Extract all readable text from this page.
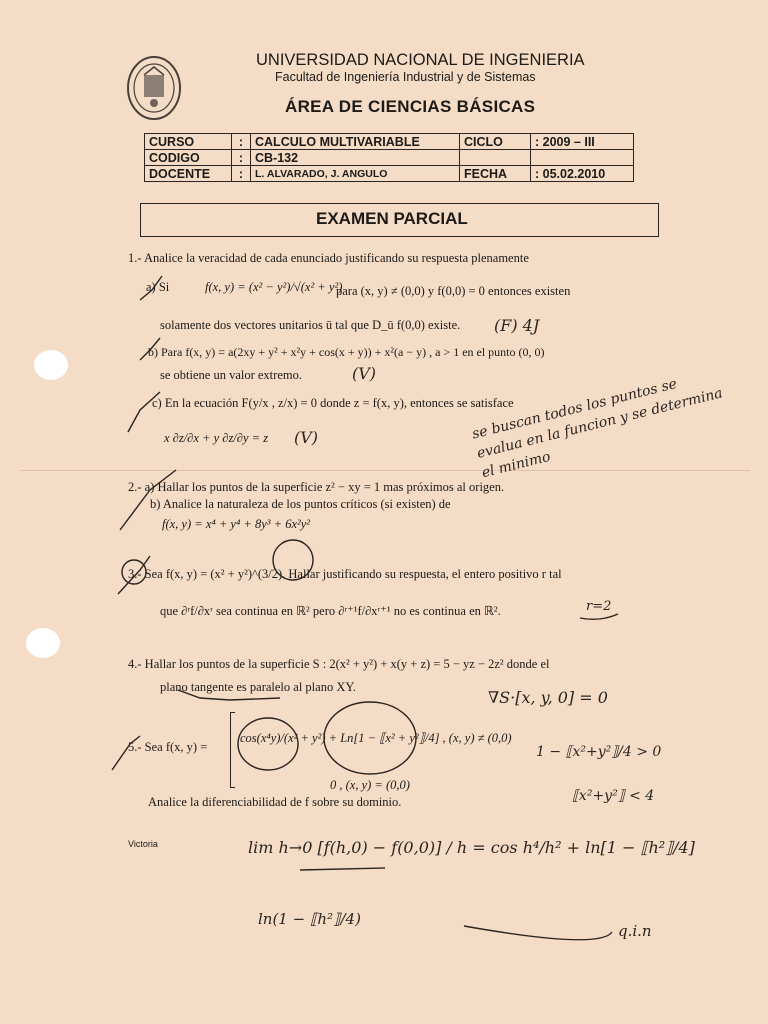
UNIVERSIDAD NACIONAL DE INGENIERIA
Facultad de Ingeniería Industrial y de Sistemas
ÁREA DE CIENCIAS BÁSICAS
CURSO	:	CALCULO MULTIVARIABLE	CICLO	: 2009 – III
CODIGO	:	CB-132		
DOCENTE	:	L. ALVARADO, J. ANGULO	FECHA	: 05.02.2010
EXAMEN PARCIAL
1.- Analice la veracidad de cada enunciado justificando su respuesta plenamente
a) Si	f(x, y) = (x² − y²)/√(x² + y²)
para (x, y) ≠ (0,0) y f(0,0) = 0 entonces existen
solamente dos vectores unitarios ū tal que D_ū f(0,0) existe. (F) 4J
b) Para f(x, y) = a(2xy + y² + x²y + cos(x + y)) + x²(a − y) , a > 1 en el punto (0, 0)
se obtiene un valor extremo.	(V)
c) En la ecuación F(y/x , z/x) = 0 donde z = f(x, y), entonces se satisface
x ∂z/∂x + y ∂z/∂y = z (V)
2.- a) Hallar los puntos de la superficie z² − xy = 1 mas próximos al origen.
b) Analice la naturaleza de los puntos críticos (si existen) de
f(x, y) = x⁴ + y⁴ + 8y³ + 6x²y²
se buscan todos los puntos se evalua en la funcion y se determina el minimo
3.- Sea f(x, y) = (x² + y²)^(3/2). Hallar justificando su respuesta, el entero positivo r tal
que ∂ʳf/∂xʳ sea continua en ℝ² pero ∂ʳ⁺¹f/∂xʳ⁺¹ no es continua en ℝ².	r=2
4.- Hallar los puntos de la superficie S : 2(x² + y²) + x(y + z) = 5 − yz − 2z² donde el
plano tangente es paralelo al plano XY.
∇S·[x, y, 0] = 0
5.- Sea f(x, y) =
cos(x⁴y)/(x² + y²) + Ln[1 − ⟦x² + y²⟧/4] , (x, y) ≠ (0,0)
0 , (x, y) = (0,0)
Analice la diferenciabilidad de f sobre su dominio.
1 − ⟦x²+y²⟧/4 > 0
⟦x²+y²⟧ < 4
Victoria	lim h→0 [f(h,0) − f(0,0)] / h = cos h⁴/h² + ln[1 − ⟦h²⟧/4]
ln(1 − ⟦h²⟧/4)
q.i.n
